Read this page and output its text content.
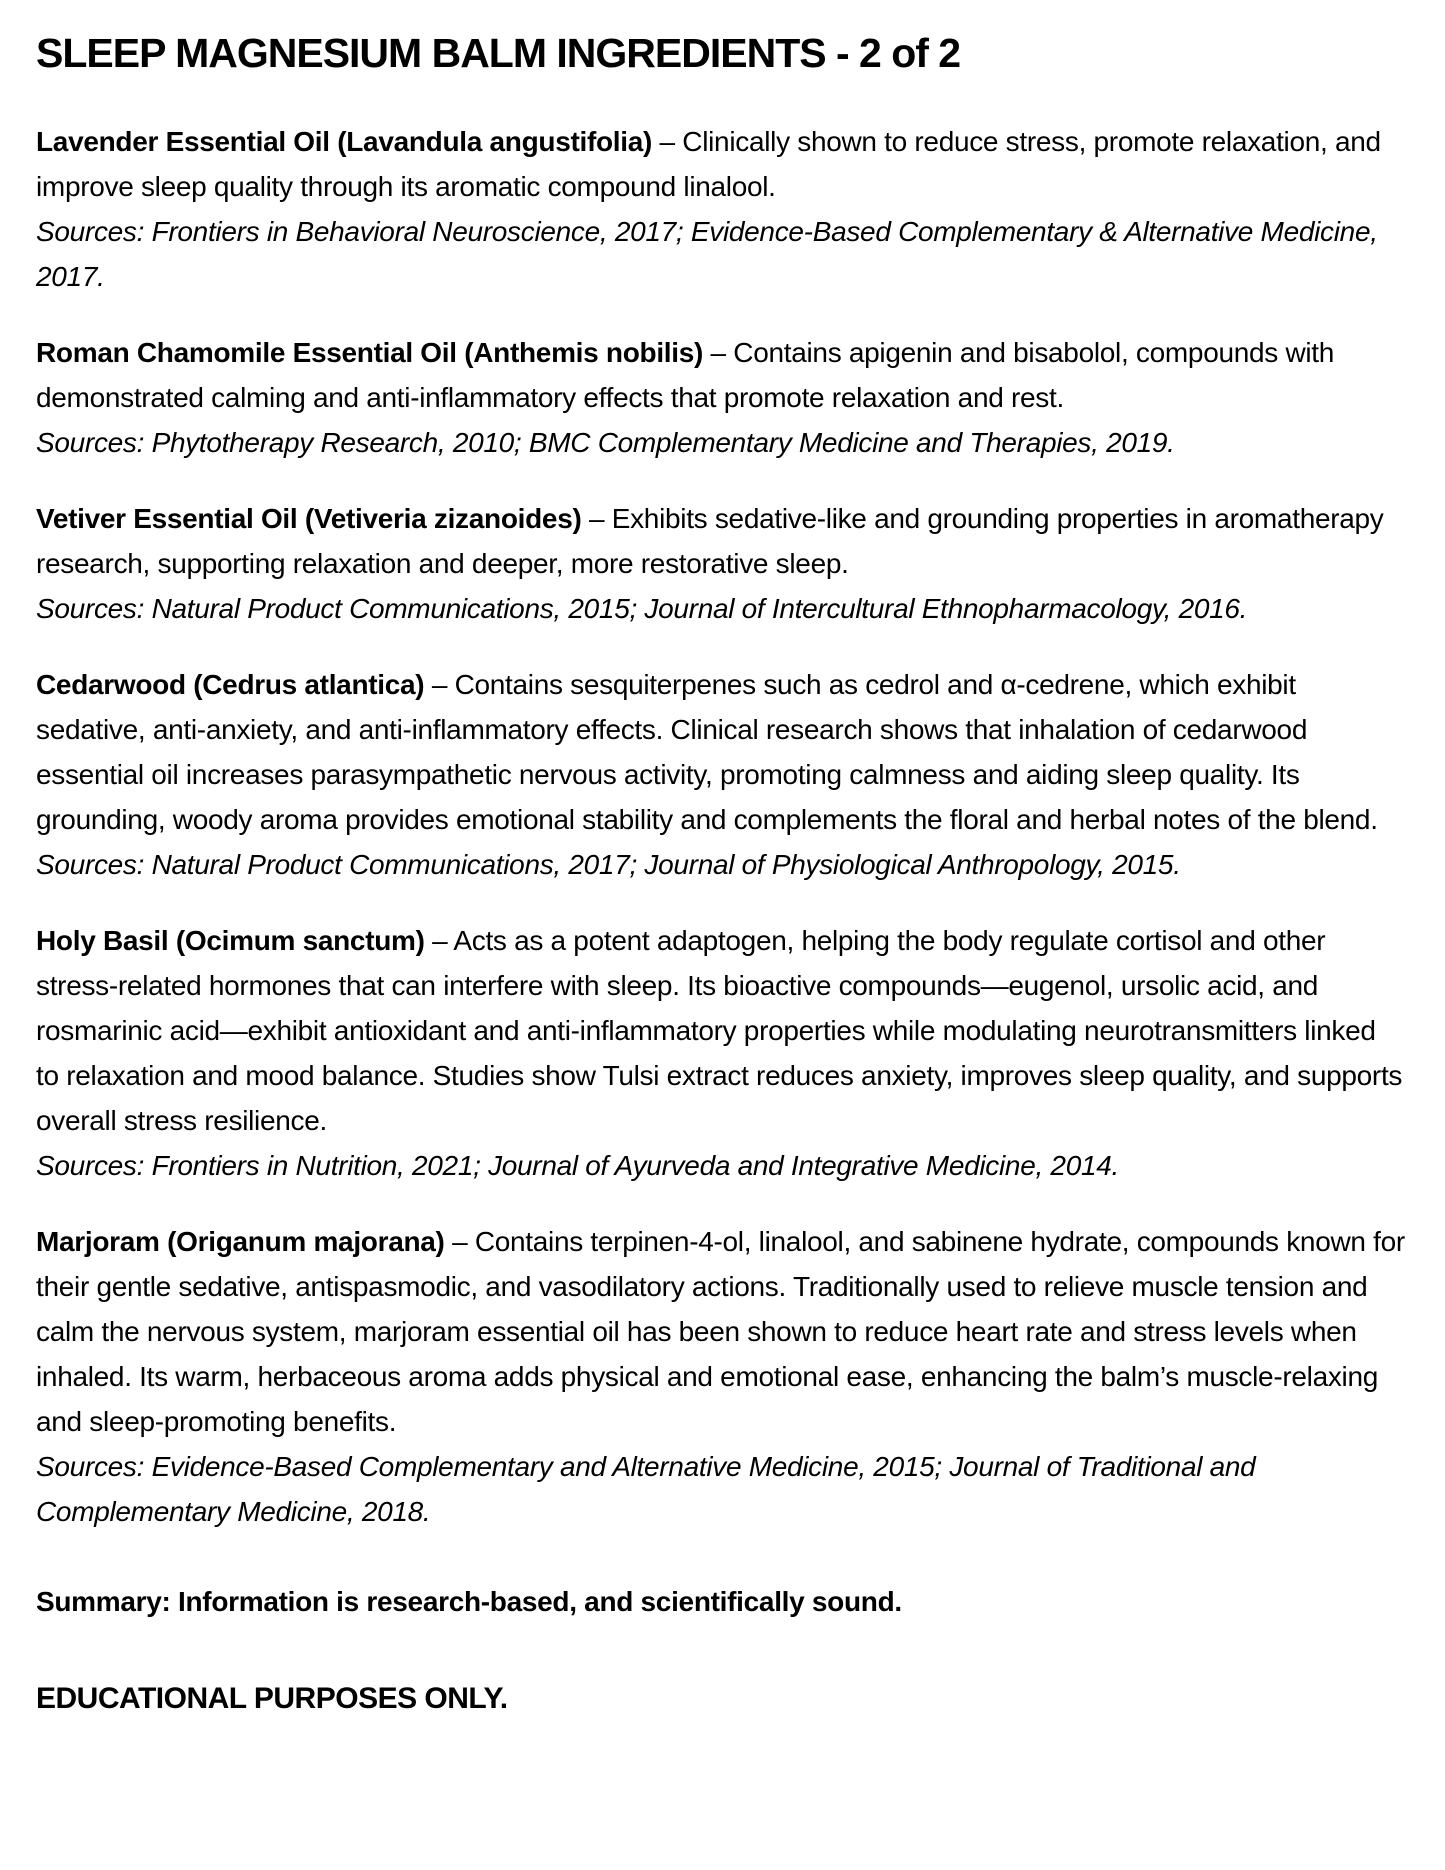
SLEEP MAGNESIUM BALM INGREDIENTS - 2 of 2

Lavender Essential Oil (Lavandula angustifolia) – Clinically shown to reduce stress, promote relaxation, and improve sleep quality through its aromatic compound linalool.

Sources: Frontiers in Behavioral Neuroscience, 2017; Evidence-Based Complementary & Alternative Medicine, 2017.

Roman Chamomile Essential Oil (Anthemis nobilis) – Contains apigenin and bisabolol, compounds with demonstrated calming and anti-inflammatory effects that promote relaxation and rest.

Sources: Phytotherapy Research, 2010; BMC Complementary Medicine and Therapies, 2019.

Vetiver Essential Oil (Vetiveria zizanoides) – Exhibits sedative-like and grounding properties in aromatherapy research, supporting relaxation and deeper, more restorative sleep.

Sources: Natural Product Communications, 2015; Journal of Intercultural Ethnopharmacology, 2016.

Cedarwood (Cedrus atlantica) – Contains sesquiterpenes such as cedrol and α-cedrene, which exhibit sedative, anti-anxiety, and anti-inflammatory effects. Clinical research shows that inhalation of cedarwood essential oil increases parasympathetic nervous activity, promoting calmness and aiding sleep quality. Its grounding, woody aroma provides emotional stability and complements the floral and herbal notes of the blend.

Sources: Natural Product Communications, 2017; Journal of Physiological Anthropology, 2015.

Holy Basil (Ocimum sanctum) – Acts as a potent adaptogen, helping the body regulate cortisol and other stress-related hormones that can interfere with sleep. Its bioactive compounds—eugenol, ursolic acid, and rosmarinic acid—exhibit antioxidant and anti-inflammatory properties while modulating neurotransmitters linked to relaxation and mood balance. Studies show Tulsi extract reduces anxiety, improves sleep quality, and supports overall stress resilience.

Sources: Frontiers in Nutrition, 2021; Journal of Ayurveda and Integrative Medicine, 2014.

Marjoram (Origanum majorana) – Contains terpinen-4-ol, linalool, and sabinene hydrate, compounds known for their gentle sedative, antispasmodic, and vasodilatory actions. Traditionally used to relieve muscle tension and calm the nervous system, marjoram essential oil has been shown to reduce heart rate and stress levels when inhaled. Its warm, herbaceous aroma adds physical and emotional ease, enhancing the balm’s muscle-relaxing and sleep-promoting benefits.

Sources: Evidence-Based Complementary and Alternative Medicine, 2015; Journal of Traditional and Complementary Medicine, 2018.

Summary: Information is research-based, and scientifically sound.

EDUCATIONAL PURPOSES ONLY.
